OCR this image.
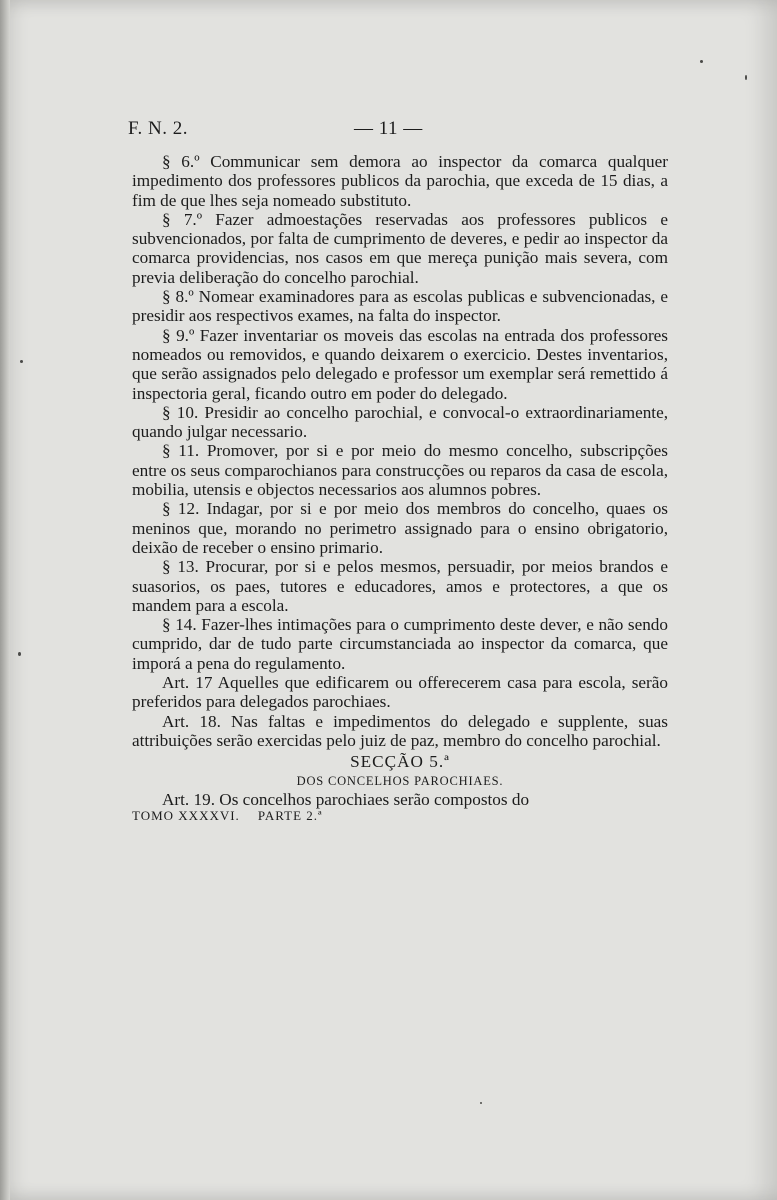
F. N. 2.	— 11 —

§ 6.º Communicar sem demora ao inspector da comarca qualquer impedimento dos professores publicos da parochia, que exceda de 15 dias, a fim de que lhes seja nomeado substituto.

§ 7.º Fazer admoestações reservadas aos professores publicos e subvencionados, por falta de cumprimento de deveres, e pedir ao inspector da comarca providencias, nos casos em que mereça punição mais severa, com previa deliberação do concelho parochial.

§ 8.º Nomear examinadores para as escolas publicas e subvencionadas, e presidir aos respectivos exames, na falta do inspector.

§ 9.º Fazer inventariar os moveis das escolas na entrada dos professores nomeados ou removidos, e quando deixarem o exercicio. Destes inventarios, que serão assignados pelo delegado e professor um exemplar será remettido á inspectoria geral, ficando outro em poder do delegado.

§ 10. Presidir ao concelho parochial, e convocal-o extraordinariamente, quando julgar necessario.

§ 11. Promover, por si e por meio do mesmo concelho, subscripções entre os seus comparochianos para construcções ou reparos da casa de escola, mobilia, utensis e objectos necessarios aos alumnos pobres.

§ 12. Indagar, por si e por meio dos membros do concelho, quaes os meninos que, morando no perimetro assignado para o ensino obrigatorio, deixão de receber o ensino primario.

§ 13. Procurar, por si e pelos mesmos, persuadir, por meios brandos e suasorios, os paes, tutores e educadores, amos e protectores, a que os mandem para a escola.

§ 14. Fazer-lhes intimações para o cumprimento deste dever, e não sendo cumprido, dar de tudo parte circumstanciada ao inspector da comarca, que imporá a pena do regulamento.

Art. 17 Aquelles que edificarem ou offerecerem casa para escola, serão preferidos para delegados parochiaes.

Art. 18. Nas faltas e impedimentos do delegado e supplente, suas attribuições serão exercidas pelo juiz de paz, membro do concelho parochial.

SECÇÃO 5.ª
DOS CONCELHOS PAROCHIAES.

Art. 19. Os concelhos parochiaes serão compostos do

TOMO XXXXVI. PARTE 2.ª
